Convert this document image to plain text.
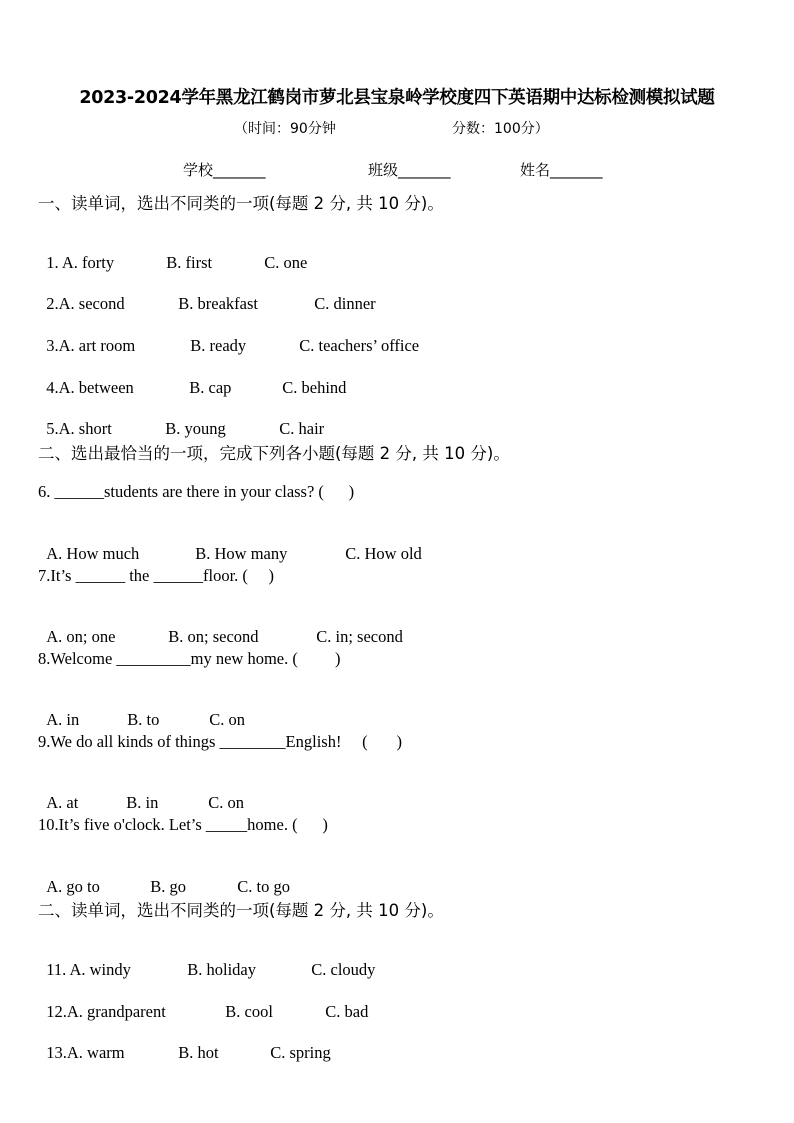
2023-2024学年黑龙江鹤岗市萝北县宝泉岭学校度四下英语期中达标检测模拟试题
（时间：90分钟	分数：100分）
学校_______	班级_______	姓名_______
一、读单词，选出不同类的一项(每题 2 分, 共 10 分)。

1. A. forty	B. first	C. one

2.A. second	B. breakfast	C. dinner

3.A. art room	B. ready	C. teachers’ office

4.A. between	B. cap	C. behind

5.A. short	B. young	C. hair

二、选出最恰当的一项，完成下列各小题(每题 2 分, 共 10 分)。
6. ______students are there in your class? (      )

A. How much	B. How many	C. How old

7.It’s ______ the ______floor. (     )

A. on; one	B. on; second	C. in; second

8.Welcome _________my new home. (         )

A. in	B. to	C. on

9.We do all kinds of things ________English!     (       )

A. at	B. in	C. on

10.It’s five o'clock. Let’s _____home. (      )

A. go to	B. go	C. to go

二、读单词，选出不同类的一项(每题 2 分, 共 10 分)。

11. A. windy	B. holiday	C. cloudy

12.A. grandparent	B. cool	C. bad

13.A. warm	B. hot	C. spring
